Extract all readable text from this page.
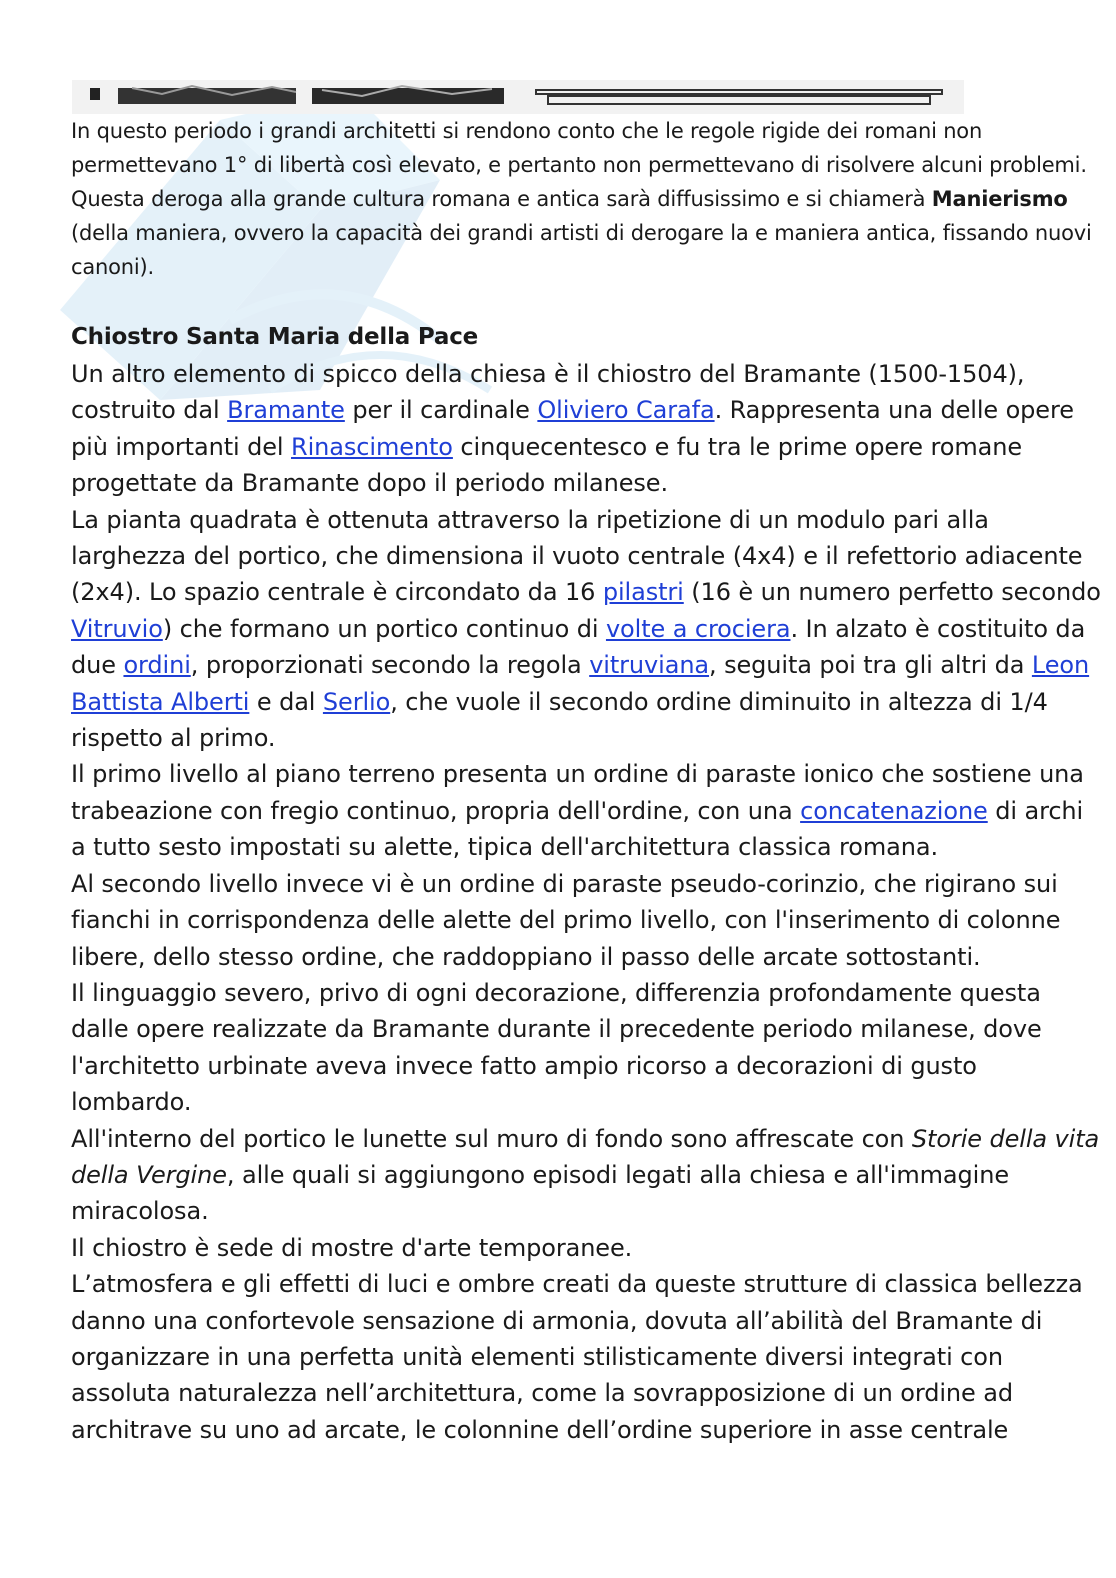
In questo periodo i grandi architetti si rendono conto che le regole rigide dei romani non permettevano 1° di libertà così elevato, e pertanto non permettevano di risolvere alcuni problemi. Questa deroga alla grande cultura romana e antica sarà diffusissimo e si chiamerà Manierismo (della maniera, ovvero la capacità dei grandi artisti di derogare la e maniera antica, fissando nuovi canoni).

Chiostro Santa Maria della Pace

Un altro elemento di spicco della chiesa è il chiostro del Bramante (1500-1504), costruito dal Bramante per il cardinale Oliviero Carafa. Rappresenta una delle opere più importanti del Rinascimento cinquecentesco e fu tra le prime opere romane progettate da Bramante dopo il periodo milanese.

La pianta quadrata è ottenuta attraverso la ripetizione di un modulo pari alla larghezza del portico, che dimensiona il vuoto centrale (4x4) e il refettorio adiacente (2x4). Lo spazio centrale è circondato da 16 pilastri (16 è un numero perfetto secondo Vitruvio) che formano un portico continuo di volte a crociera. In alzato è costituito da due ordini, proporzionati secondo la regola vitruviana, seguita poi tra gli altri da Leon Battista Alberti e dal Serlio, che vuole il secondo ordine diminuito in altezza di 1/4 rispetto al primo.

Il primo livello al piano terreno presenta un ordine di paraste ionico che sostiene una trabeazione con fregio continuo, propria dell'ordine, con una concatenazione di archi a tutto sesto impostati su alette, tipica dell'architettura classica romana.

Al secondo livello invece vi è un ordine di paraste pseudo-corinzio, che rigirano sui fianchi in corrispondenza delle alette del primo livello, con l'inserimento di colonne libere, dello stesso ordine, che raddoppiano il passo delle arcate sottostanti.

Il linguaggio severo, privo di ogni decorazione, differenzia profondamente questa dalle opere realizzate da Bramante durante il precedente periodo milanese, dove l'architetto urbinate aveva invece fatto ampio ricorso a decorazioni di gusto lombardo.

All'interno del portico le lunette sul muro di fondo sono affrescate con Storie della vita della Vergine, alle quali si aggiungono episodi legati alla chiesa e all'immagine miracolosa.

Il chiostro è sede di mostre d'arte temporanee.

L’atmosfera e gli effetti di luci e ombre creati da queste strutture di classica bellezza danno una confortevole sensazione di armonia, dovuta all’abilità del Bramante di organizzare in una perfetta unità elementi stilisticamente diversi integrati con assoluta naturalezza nell’architettura, come la sovrapposizione di un ordine ad architrave su uno ad arcate, le colonnine dell’ordine superiore in asse centrale
